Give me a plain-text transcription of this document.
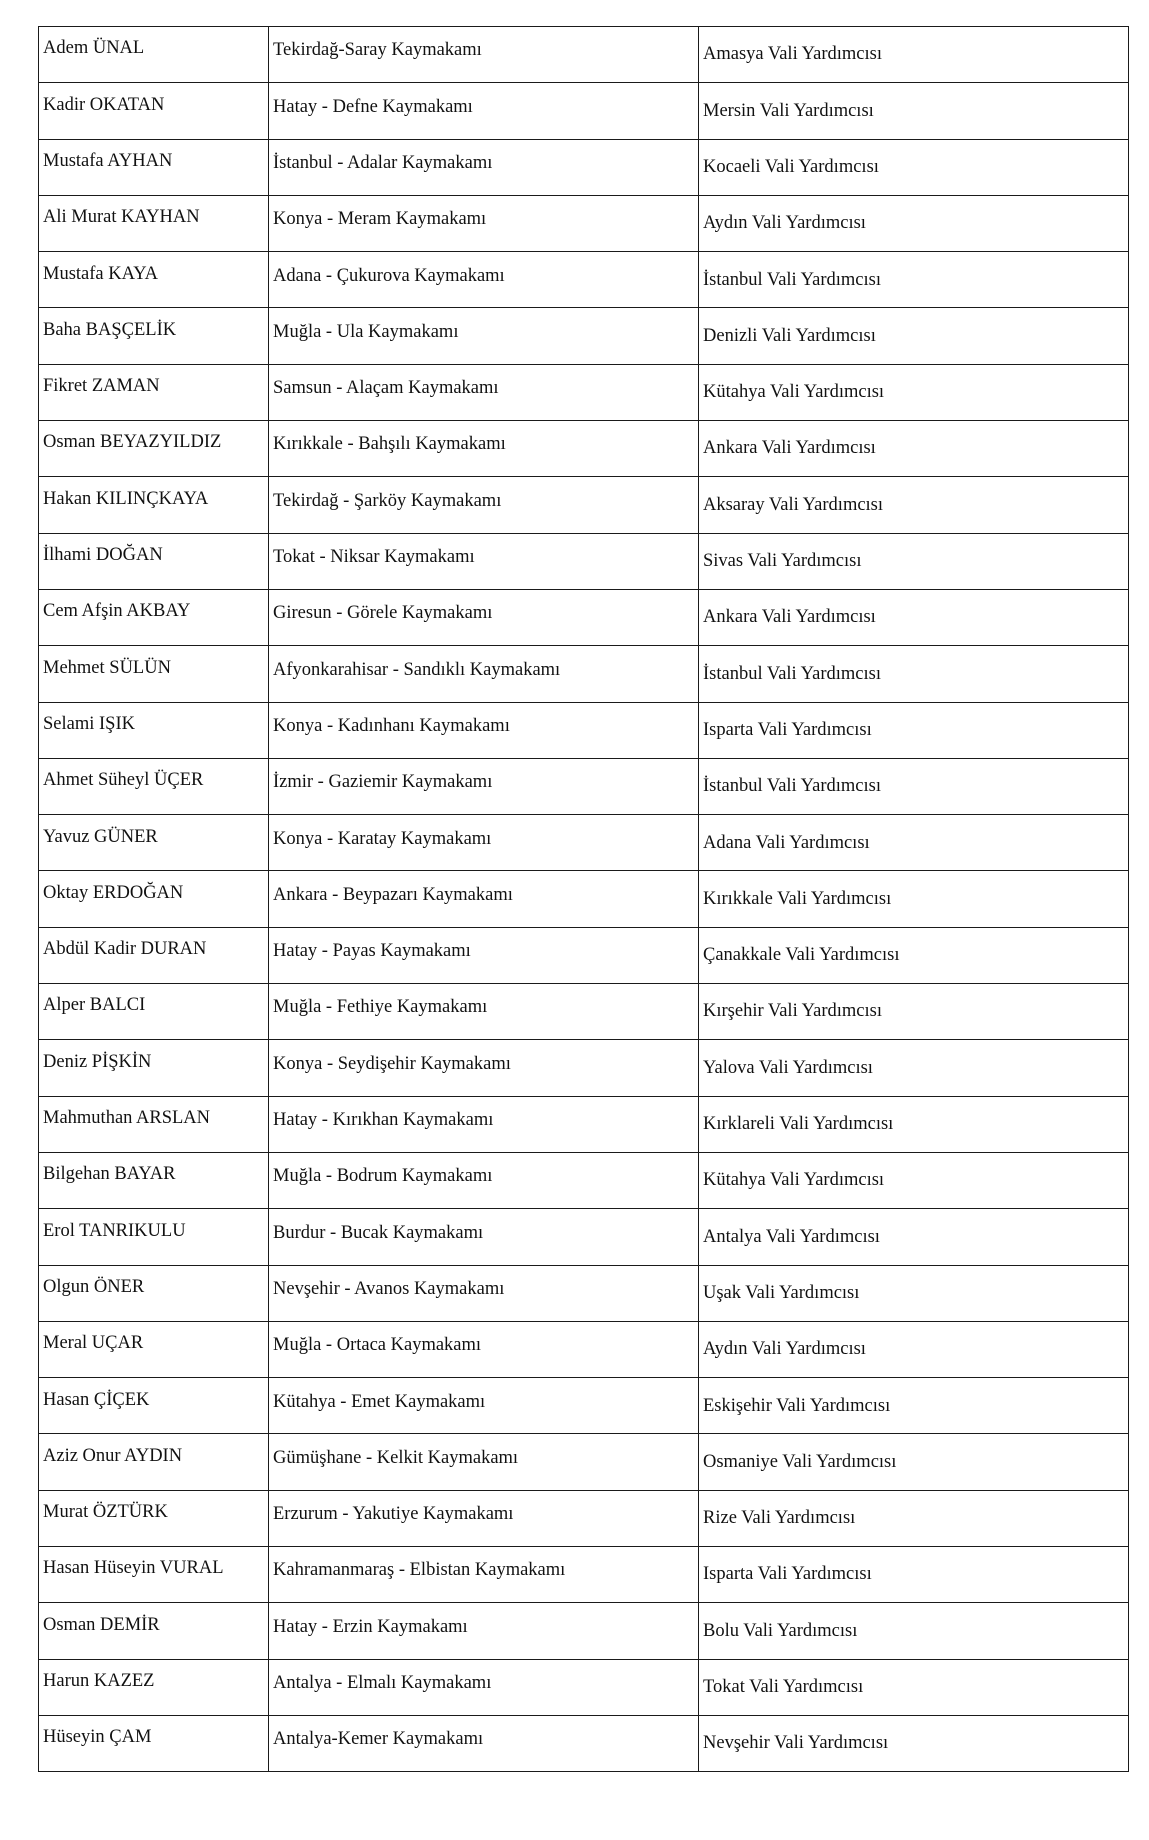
Adem ÜNAL	Tekirdağ-Saray Kaymakamı	Amasya Vali Yardımcısı
Kadir OKATAN	Hatay - Defne Kaymakamı	Mersin Vali Yardımcısı
Mustafa AYHAN	İstanbul - Adalar Kaymakamı	Kocaeli Vali Yardımcısı
Ali Murat KAYHAN	Konya - Meram Kaymakamı	Aydın Vali Yardımcısı
Mustafa KAYA	Adana - Çukurova Kaymakamı	İstanbul Vali Yardımcısı
Baha BAŞÇELİK	Muğla - Ula Kaymakamı	Denizli Vali Yardımcısı
Fikret ZAMAN	Samsun - Alaçam Kaymakamı	Kütahya Vali Yardımcısı
Osman BEYAZYILDIZ	Kırıkkale - Bahşılı Kaymakamı	Ankara Vali Yardımcısı
Hakan KILINÇKAYA	Tekirdağ - Şarköy Kaymakamı	Aksaray Vali Yardımcısı
İlhami DOĞAN	Tokat - Niksar Kaymakamı	Sivas Vali Yardımcısı
Cem Afşin AKBAY	Giresun - Görele Kaymakamı	Ankara Vali Yardımcısı
Mehmet SÜLÜN	Afyonkarahisar - Sandıklı Kaymakamı	İstanbul Vali Yardımcısı
Selami IŞIK	Konya - Kadınhanı Kaymakamı	Isparta Vali Yardımcısı
Ahmet Süheyl ÜÇER	İzmir - Gaziemir Kaymakamı	İstanbul Vali Yardımcısı
Yavuz GÜNER	Konya - Karatay Kaymakamı	Adana Vali Yardımcısı
Oktay ERDOĞAN	Ankara - Beypazarı Kaymakamı	Kırıkkale Vali Yardımcısı
Abdül Kadir DURAN	Hatay - Payas Kaymakamı	Çanakkale Vali Yardımcısı
Alper BALCI	Muğla - Fethiye Kaymakamı	Kırşehir Vali Yardımcısı
Deniz PİŞKİN	Konya - Seydişehir Kaymakamı	Yalova Vali Yardımcısı
Mahmuthan ARSLAN	Hatay - Kırıkhan Kaymakamı	Kırklareli Vali Yardımcısı
Bilgehan BAYAR	Muğla - Bodrum Kaymakamı	Kütahya Vali Yardımcısı
Erol TANRIKULU	Burdur - Bucak Kaymakamı	Antalya Vali Yardımcısı
Olgun ÖNER	Nevşehir - Avanos Kaymakamı	Uşak Vali Yardımcısı
Meral UÇAR	Muğla - Ortaca Kaymakamı	Aydın Vali Yardımcısı
Hasan ÇİÇEK	Kütahya - Emet Kaymakamı	Eskişehir Vali Yardımcısı
Aziz Onur AYDIN	Gümüşhane - Kelkit Kaymakamı	Osmaniye Vali Yardımcısı
Murat ÖZTÜRK	Erzurum - Yakutiye Kaymakamı	Rize Vali Yardımcısı
Hasan Hüseyin VURAL	Kahramanmaraş - Elbistan Kaymakamı	Isparta Vali Yardımcısı
Osman DEMİR	Hatay - Erzin Kaymakamı	Bolu Vali Yardımcısı
Harun KAZEZ	Antalya - Elmalı Kaymakamı	Tokat Vali Yardımcısı
Hüseyin ÇAM	Antalya-Kemer Kaymakamı	Nevşehir Vali Yardımcısı
